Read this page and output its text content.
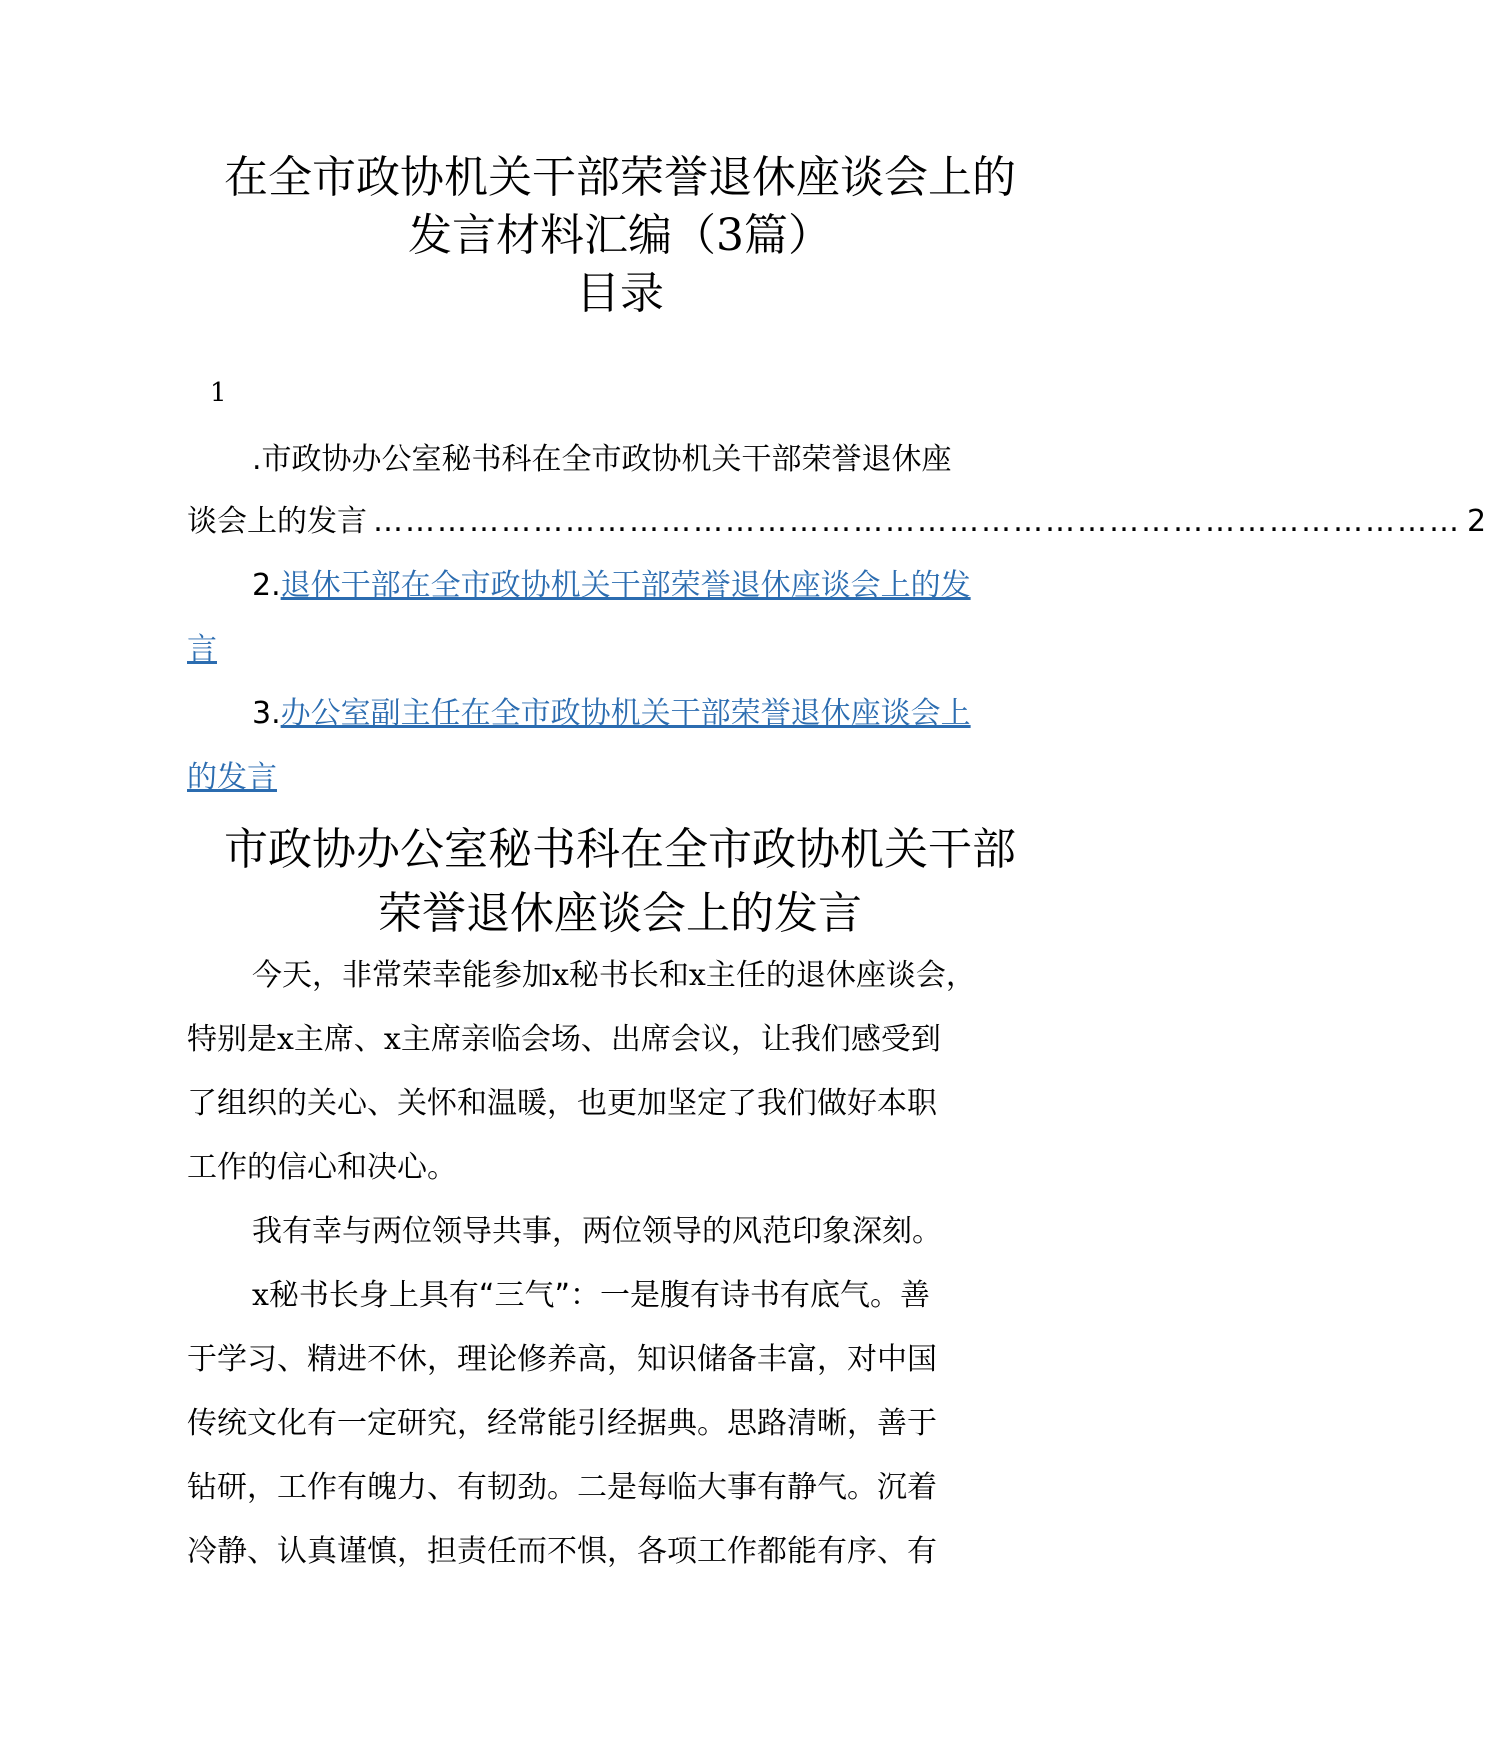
在全市政协机关干部荣誉退休座谈会上的
发言材料汇编（3篇）
目录
1
.市政协办公室秘书科在全市政协机关干部荣誉退休座
谈会上的发言 ………………………………………………………………………………………… 2
2.退休干部在全市政协机关干部荣誉退休座谈会上的发
言
3.办公室副主任在全市政协机关干部荣誉退休座谈会上
的发言
市政协办公室秘书科在全市政协机关干部
荣誉退休座谈会上的发言
今天，非常荣幸能参加x秘书长和x主任的退休座谈会，
特别是x主席、x主席亲临会场、出席会议，让我们感受到
了组织的关心、关怀和温暖，也更加坚定了我们做好本职
工作的信心和决心。
我有幸与两位领导共事，两位领导的风范印象深刻。
x秘书长身上具有“三气”：一是腹有诗书有底气。善
于学习、精进不休，理论修养高，知识储备丰富，对中国
传统文化有一定研究，经常能引经据典。思路清晰，善于
钻研，工作有魄力、有韧劲。二是每临大事有静气。沉着
冷静、认真谨慎，担责任而不惧，各项工作都能有序、有
